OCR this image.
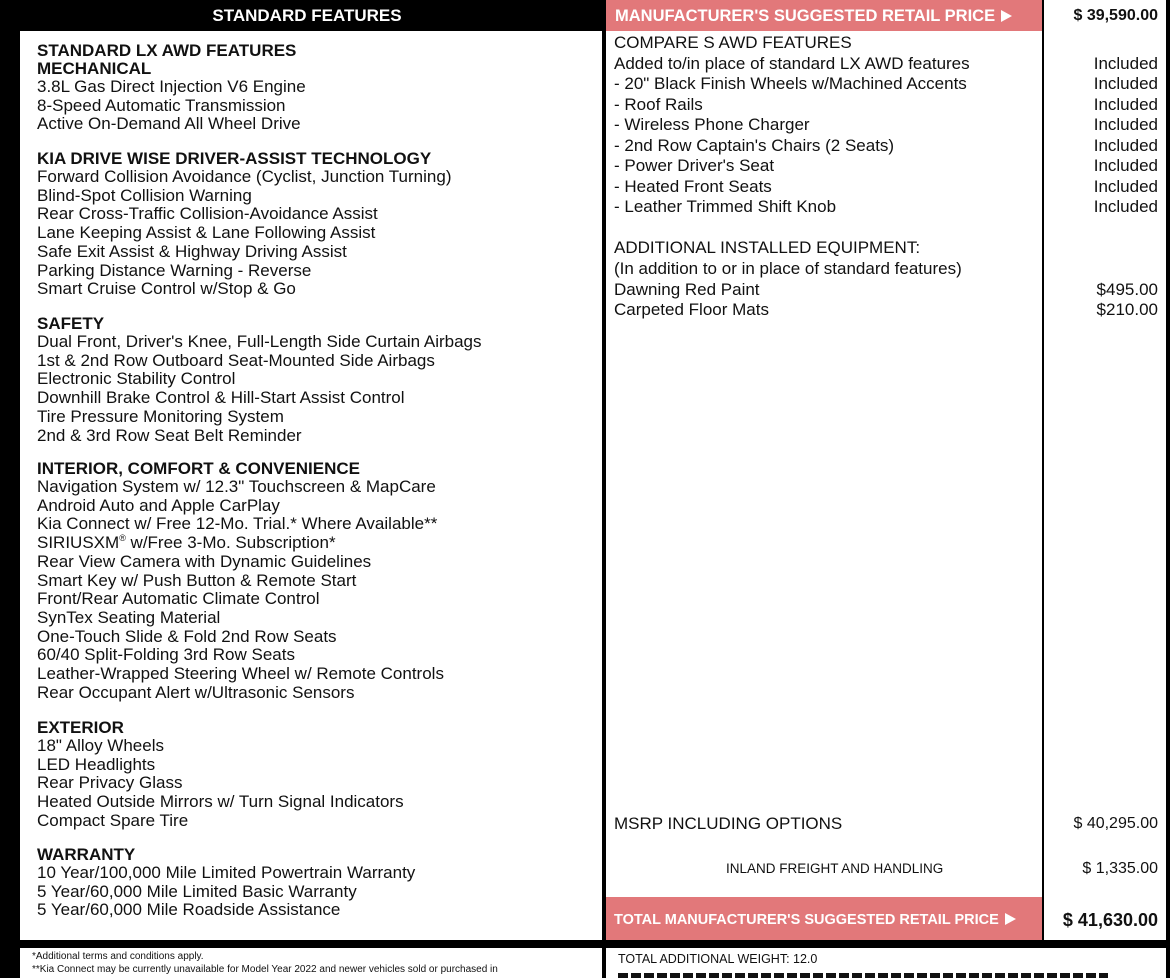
STANDARD FEATURES
STANDARD LX AWD FEATURES
MECHANICAL
3.8L Gas Direct Injection V6 Engine
8-Speed Automatic Transmission
Active On-Demand All Wheel Drive
KIA DRIVE WISE DRIVER-ASSIST TECHNOLOGY
Forward Collision Avoidance (Cyclist, Junction Turning)
Blind-Spot Collision Warning
Rear Cross-Traffic Collision-Avoidance Assist
Lane Keeping Assist & Lane Following Assist
Safe Exit Assist & Highway Driving Assist
Parking Distance Warning - Reverse
Smart Cruise Control w/Stop & Go
SAFETY
Dual Front, Driver's Knee, Full-Length Side Curtain Airbags
1st & 2nd Row Outboard Seat-Mounted Side Airbags
Electronic Stability Control
Downhill Brake Control & Hill-Start Assist Control
Tire Pressure Monitoring System
2nd & 3rd Row Seat Belt Reminder
INTERIOR, COMFORT & CONVENIENCE
Navigation System w/ 12.3" Touchscreen & MapCare
Android Auto and Apple CarPlay
Kia Connect w/ Free 12-Mo. Trial.* Where Available**
SIRIUSXM® w/Free 3-Mo. Subscription*
Rear View Camera with Dynamic Guidelines
Smart Key w/ Push Button & Remote Start
Front/Rear Automatic Climate Control
SynTex Seating Material
One-Touch Slide & Fold 2nd Row Seats
60/40 Split-Folding 3rd Row Seats
Leather-Wrapped Steering Wheel w/ Remote Controls
Rear Occupant Alert w/Ultrasonic Sensors
EXTERIOR
18" Alloy Wheels
LED Headlights
Rear Privacy Glass
Heated Outside Mirrors w/ Turn Signal Indicators
Compact Spare Tire
WARRANTY
10 Year/100,000 Mile Limited Powertrain Warranty
5 Year/60,000 Mile Limited Basic Warranty
5 Year/60,000 Mile Roadside Assistance
MANUFACTURER'S SUGGESTED RETAIL PRICE	$ 39,590.00
COMPARE S AWD FEATURES
Added to/in place of standard LX AWD features	Included
- 20" Black Finish Wheels w/Machined Accents	Included
- Roof Rails	Included
- Wireless Phone Charger	Included
- 2nd Row Captain's Chairs (2 Seats)	Included
- Power Driver's Seat	Included
- Heated Front Seats	Included
- Leather Trimmed Shift Knob	Included
ADDITIONAL INSTALLED EQUIPMENT:
(In addition to or in place of standard features)
Dawning Red Paint	$495.00
Carpeted Floor Mats	$210.00
MSRP INCLUDING OPTIONS	$ 40,295.00
INLAND FREIGHT AND HANDLING	$ 1,335.00
TOTAL MANUFACTURER'S SUGGESTED RETAIL PRICE	$ 41,630.00
*Additional terms and conditions apply.
**Kia Connect may be currently unavailable for Model Year 2022 and newer vehicles sold or purchased in
TOTAL ADDITIONAL WEIGHT: 12.0
